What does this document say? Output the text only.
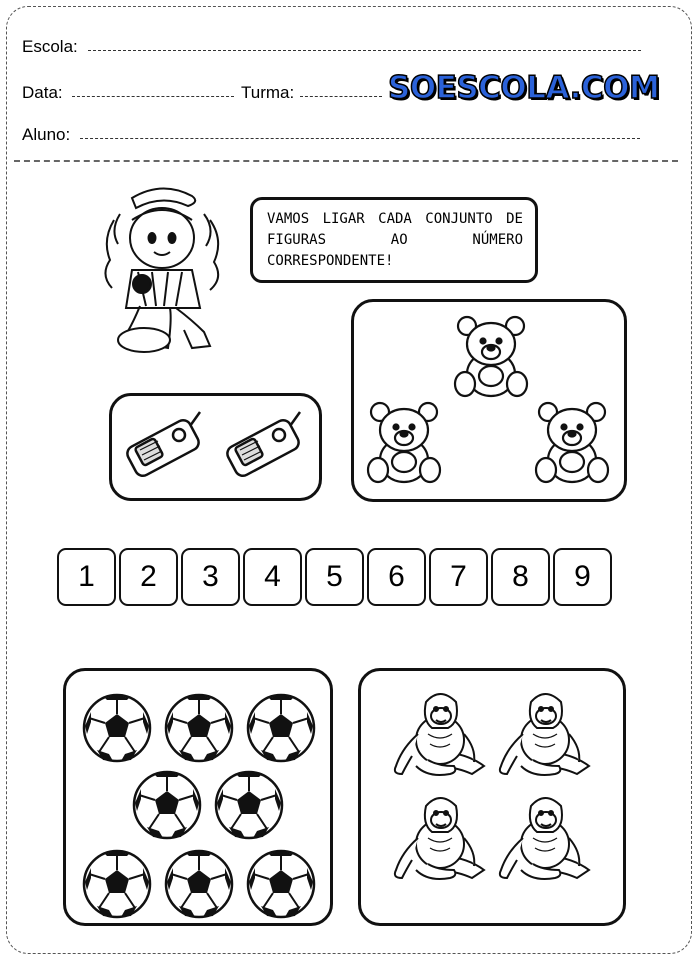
Escola:
Data:	Turma:	SOESCOLA.COM
Aluno:
VAMOS LIGAR CADA CONJUNTO DE FIGURAS AO NÚMERO CORRESPONDENTE!
1	2	3	4	5	6	7	8	9
